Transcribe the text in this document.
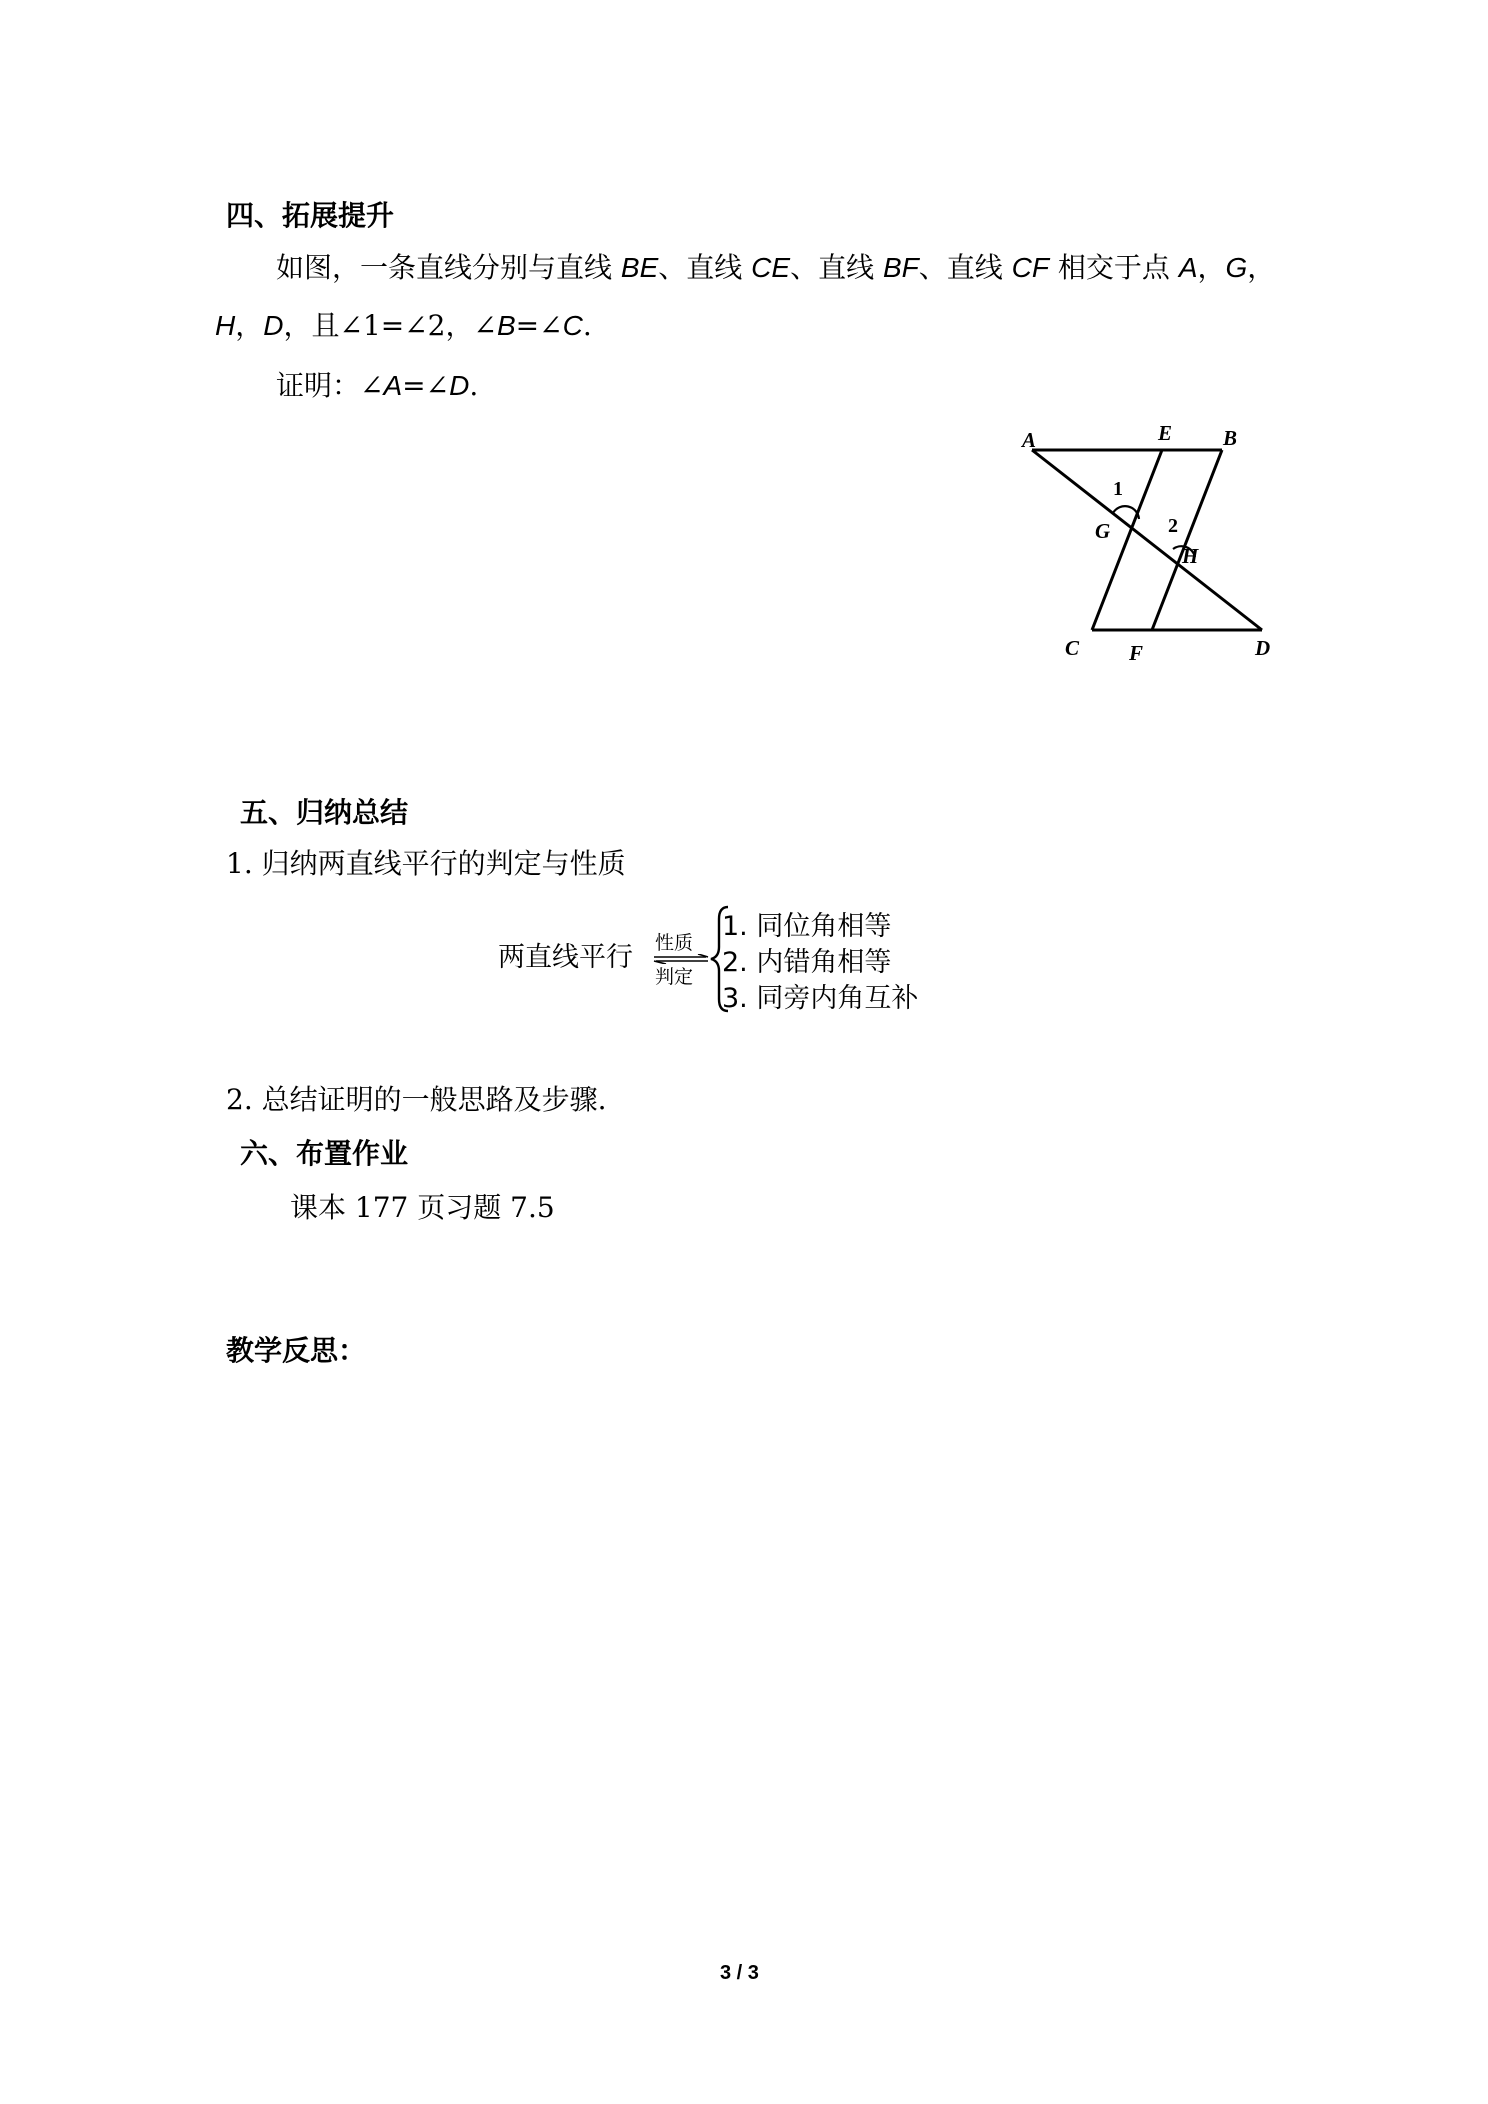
四、拓展提升
如图，一条直线分别与直线 BE、直线 CE、直线 BF、直线 CF 相交于点 A，G，
H，D，且∠1=∠2，∠B=∠C.
证明：∠A=∠D.
A	E B
1
G	2
H
C F	D
五、归纳总结
1. 归纳两直线平行的判定与性质
两直线平行 性质
判定
1. 同位角相等
2. 内错角相等
3. 同旁内角互补
2. 总结证明的一般思路及步骤.
六、布置作业
课本 177 页习题 7.5
教学反思：
3 / 3
